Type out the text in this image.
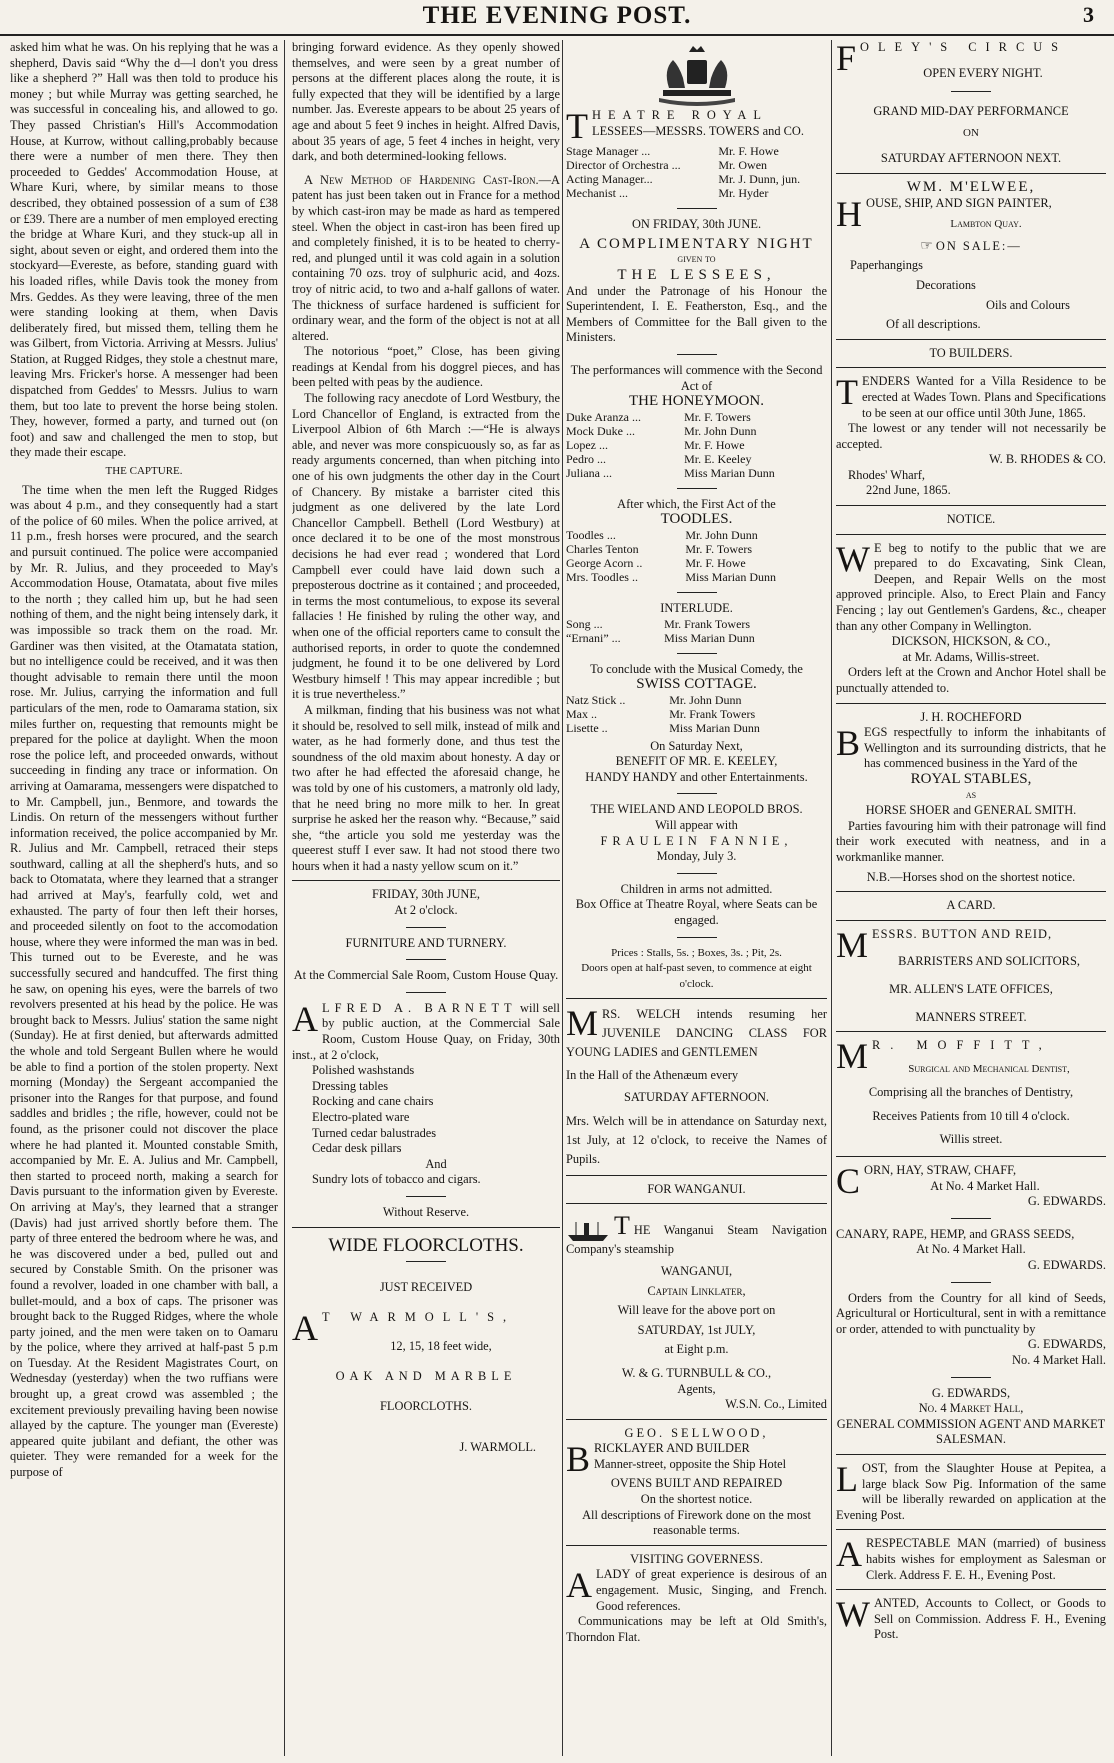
THE EVENING POST.	3

asked him what he was. On his replying that he was a shepherd, Davis said “Why the d—l don't you dress like a shepherd ?” Hall was then told to produce his money ; but while Murray was getting searched, he was successful in concealing his, and allowed to go. They passed Christian's Hill's Accommodation House, at Kurrow, without calling,probably because there were a number of men there. They then proceeded to Geddes' Accommodation House, at Whare Kuri, where, by similar means to those described, they obtained possession of a sum of £38 or £39. There are a number of men employed erecting the bridge at Whare Kuri, and they stuck-up all in sight, about seven or eight, and ordered them into the stockyard—Evereste, as before, standing guard with his loaded rifles, while Davis took the money from Mrs. Geddes. As they were leaving, three of the men were standing looking at them, when Davis deliberately fired, but missed them, telling them he was Gilbert, from Victoria. Arriving at Messrs. Julius' Station, at Rugged Ridges, they stole a chestnut mare, leaving Mrs. Fricker's horse. A messenger had been dispatched from Geddes' to Messrs. Julius to warn them, but too late to prevent the horse being stolen. They, however, formed a party, and turned out (on foot) and saw and challenged the men to stop, but they made their escape.

THE CAPTURE.

The time when the men left the Rugged Ridges was about 4 p.m., and they consequently had a start of the police of 60 miles. When the police arrived, at 11 p.m., fresh horses were procured, and the search and pursuit continued. The police were accompanied by Mr. R. Julius, and they proceeded to May's Accommodation House, Otamatata, about five miles to the north ; they called him up, but he had seen nothing of them, and the night being intensely dark, it was impossible so track them on the road. Mr. Gardiner was then visited, at the Otamatata station, but no intelligence could be received, and it was then thought advisable to remain there until the moon rose. Mr. Julius, carrying the information and full particulars of the men, rode to Oamarama station, six miles further on, requesting that remounts might be prepared for the police at daylight. When the moon rose the police left, and proceeded onwards, without succeeding in finding any trace or information. On arriving at Oamarama, messengers were dispatched to to Mr. Campbell, jun., Benmore, and towards the Lindis. On return of the messengers without further information received, the police accompanied by Mr. R. Julius and Mr. Campbell, retraced their steps southward, calling at all the shepherd's huts, and so back to Otomatata, where they learned that a stranger had arrived at May's, fearfully cold, wet and exhausted. The party of four then left their horses, and proceeded silently on foot to the accomodation house, where they were informed the man was in bed. This turned out to be Evereste, and he was successfully secured and handcuffed. The first thing he saw, on opening his eyes, were the barrels of two revolvers presented at his head by the police. He was brought back to Messrs. Julius' station the same night (Sunday). He at first denied, but afterwards admitted the whole and told Sergeant Bullen where he would be able to find a portion of the stolen property. Next morning (Monday) the Sergeant accompanied the prisoner into the Ranges for that purpose, and found saddles and bridles ; the rifle, however, could not be found, as the prisoner could not discover the place where he had planted it. Mounted constable Smith, accompanied by Mr. E. A. Julius and Mr. Campbell, then started to proceed north, making a search for Davis pursuant to the information given by Evereste. On arriving at May's, they learned that a stranger (Davis) had just arrived shortly before them. The party of three entered the bedroom where he was, and he was discovered under a bed, pulled out and secured by Constable Smith. On the prisoner was found a revolver, loaded in one chamber with ball, a bullet-mould, and a box of caps. The prisoner was brought back to the Rugged Ridges, where the whole party joined, and the men were taken on to Oamaru by the police, where they arrived at half-past 5 p.m on Tuesday. At the Resident Magistrates Court, on Wednesday (yesterday) when the two ruffians were brought up, a great crowd was assembled ; the excitement previously prevailing having been nowise allayed by the capture. The younger man (Evereste) appeared quite jubilant and defiant, the other was quieter. They were remanded for a week for the purpose of

bringing forward evidence. As they openly showed themselves, and were seen by a great number of persons at the different places along the route, it is fully expected that they will be identified by a large number. Jas. Evereste appears to be about 25 years of age and about 5 feet 9 inches in height. Alfred Davis, about 35 years of age, 5 feet 4 inches in height, very dark, and both determined-looking fellows.

A New Method of Hardening Cast-Iron.—A patent has just been taken out in France for a method by which cast-iron may be made as hard as tempered steel. When the object in cast-iron has been fired up and completely finished, it is to be heated to cherry-red, and plunged until it was cold again in a solution containing 70 ozs. troy of sulphuric acid, and 4ozs. troy of nitric acid, to two and a-half gallons of water. The thickness of surface hardened is sufficient for ordinary wear, and the form of the object is not at all altered.

The notorious “poet,” Close, has been giving readings at Kendal from his doggrel pieces, and has been pelted with peas by the audience.

The following racy anecdote of Lord Westbury, the Lord Chancellor of England, is extracted from the Liverpool Albion of 6th March :—“He is always able, and never was more conspicuously so, as far as ready arguments concerned, than when pitching into one of his own judgments the other day in the Court of Chancery. By mistake a barrister cited this judgment as one delivered by the late Lord Chancellor Campbell. Bethell (Lord Westbury) at once declared it to be one of the most monstrous decisions he had ever read ; wondered that Lord Campbell ever could have laid down such a preposterous doctrine as it contained ; and proceeded, in terms the most contumelious, to expose its several fallacies ! He finished by ruling the other way, and when one of the official reporters came to consult the authorised reports, in order to quote the condemned judgment, he found it to be one delivered by Lord Westbury himself ! This may appear incredible ; but it is true nevertheless.”

A milkman, finding that his business was not what it should be, resolved to sell milk, instead of milk and water, as he had formerly done, and thus test the soundness of the old maxim about honesty. A day or two after he had effected the aforesaid change, he was told by one of his customers, a matronly old lady, that he need bring no more milk to her. In great surprise he asked her the reason why. “Because,” said she, “the article you sold me yesterday was the queerest stuff I ever saw. It had not stood there two hours when it had a nasty yellow scum on it.”

FRIDAY, 30th JUNE,

At 2 o'clock.

FURNITURE AND TURNERY.

At the Commercial Sale Room, Custom House Quay.

ALFRED A. BARNETT will sell by public auction, at the Commercial Sale Room, Custom House Quay, on Friday, 30th inst., at 2 o'clock,

Polished washstands

Dressing tables

Rocking and cane chairs

Electro-plated ware

Turned cedar balustrades

Cedar desk pillars

And

Sundry lots of tobacco and cigars.

Without Reserve.

WIDE FLOORCLOTHS.

JUST RECEIVED

A T WARMOLL'S,

12, 15, 18 feet wide,

OAK AND MARBLE

FLOORCLOTHS.

J. WARMOLL.

THEATRE ROYAL

LESSEES—MESSRS. TOWERS and CO.

Stage Manager ...	Mr. F. Howe
Director of Orchestra ...	Mr. Owen
Acting Manager...	Mr. J. Dunn, jun.
Mechanist ...	Mr. Hyder

ON FRIDAY, 30th JUNE.

A COMPLIMENTARY NIGHT

given to

THE LESSEES,

And under the Patronage of his Honour the Superintendent, I. E. Featherston, Esq., and the Members of Committee for the Ball given to the Ministers.

The performances will commence with the Second Act of

THE HONEYMOON.

Duke Aranza ...	Mr. F. Towers
Mock Duke ...	Mr. John Dunn
Lopez ...	Mr. F. Howe
Pedro ...	Mr. E. Keeley
Juliana ...	Miss Marian Dunn

After which, the First Act of the

TOODLES.

Toodles ...	Mr. John Dunn
Charles Tenton	Mr. F. Towers
George Acorn ..	Mr. F. Howe
Mrs. Toodles ..	Miss Marian Dunn

INTERLUDE.

Song ...	Mr. Frank Towers
“Ernani” ...	Miss Marian Dunn

To conclude with the Musical Comedy, the

SWISS COTTAGE.

Natz Stick ..	Mr. John Dunn
Max ..	Mr. Frank Towers
Lisette ..	Miss Marian Dunn

On Saturday Next,

BENEFIT OF MR. E. KEELEY,

HANDY HANDY and other Entertainments.

THE WIELAND AND LEOPOLD BROS.

Will appear with

FRAULEIN FANNIE,

Monday, July 3.

Children in arms not admitted.

Box Office at Theatre Royal, where Seats can be engaged.

Prices : Stalls, 5s. ; Boxes, 3s. ; Pit, 2s.

Doors open at half-past seven, to commence at eight o'clock.

MRS. WELCH intends resuming her JUVENILE DANCING CLASS FOR YOUNG LADIES and GENTLEMEN

In the Hall of the Athenæum every

SATURDAY AFTERNOON.

Mrs. Welch will be in attendance on Saturday next, 1st July, at 12 o'clock, to receive the Names of Pupils.

FOR WANGANUI.

THE Wanganui Steam Navigation Company's steamship

WANGANUI,

Captain Linklater,

Will leave for the above port on

SATURDAY, 1st JULY,

at Eight p.m.

W. & G. TURNBULL & CO.,

Agents,

W.S.N. Co., Limited

GEO. SELLWOOD,

BRICKLAYER AND BUILDER

Manner-street, opposite the Ship Hotel

OVENS BUILT AND REPAIRED

On the shortest notice.

All descriptions of Firework done on the most reasonable terms.

VISITING GOVERNESS.

ALADY of great experience is desirous of an engagement. Music, Singing, and French. Good references.

Communications may be left at Old Smith's, Thorndon Flat.

FOLEY'S CIRCUS

OPEN EVERY NIGHT.

GRAND MID-DAY PERFORMANCE

ON

SATURDAY AFTERNOON NEXT.

WM. M'ELWEE,

HOUSE, SHIP, AND SIGN PAINTER,

Lambton Quay.

☞ ON SALE:—

Paperhangings

Decorations

Oils and Colours

Of all descriptions.

TO BUILDERS.

TENDERS Wanted for a Villa Residence to be erected at Wades Town. Plans and Specifications to be seen at our office until 30th June, 1865.

The lowest or any tender will not necessarily be accepted.

W. B. RHODES & CO.

Rhodes' Wharf,

22nd June, 1865.

NOTICE.

W E beg to notify to the public that we are prepared to do Excavating, Sink Clean, Deepen, and Repair Wells on the most approved principle. Also, to Erect Plain and Fancy Fencing ; lay out Gentlemen's Gardens, &c., cheaper than any other Company in Wellington.

DICKSON, HICKSON, & CO.,

at Mr. Adams, Willis-street.

Orders left at the Crown and Anchor Hotel shall be punctually attended to.

J. H. ROCHEFORD

BEGS respectfully to inform the inhabitants of Wellington and its surrounding districts, that he has commenced business in the Yard of the

ROYAL STABLES,

as

HORSE SHOER and GENERAL SMITH.

Parties favouring him with their patronage will find their work executed with neatness, and in a workmanlike manner.

N.B.—Horses shod on the shortest notice.

A CARD.

MESSRS. BUTTON AND REID,

BARRISTERS AND SOLICITORS,

MR. ALLEN'S LATE OFFICES,

MANNERS STREET.

M R. MOFFITT,

Surgical and Mechanical Dentist,

Comprising all the branches of Dentistry,

Receives Patients from 10 till 4 o'clock.

Willis street.

CORN, HAY, STRAW, CHAFF,

At No. 4 Market Hall.

G. EDWARDS.

CANARY, RAPE, HEMP, and GRASS SEEDS,

At No. 4 Market Hall.

G. EDWARDS.

Orders from the Country for all kind of Seeds, Agricultural or Horticultural, sent in with a remittance or order, attended to with punctuality by

G. EDWARDS,

No. 4 Market Hall.

G. EDWARDS,

No. 4 Market Hall,

GENERAL COMMISSION AGENT AND MARKET SALESMAN.

LOST, from the Slaughter House at Pepitea, a large black Sow Pig. Information of the same will be liberally rewarded on application at the Evening Post.

ARESPECTABLE MAN (married) of business habits wishes for employment as Salesman or Clerk. Address F. E. H., Evening Post.

WANTED, Accounts to Collect, or Goods to Sell on Commission. Address F. H., Evening Post.
